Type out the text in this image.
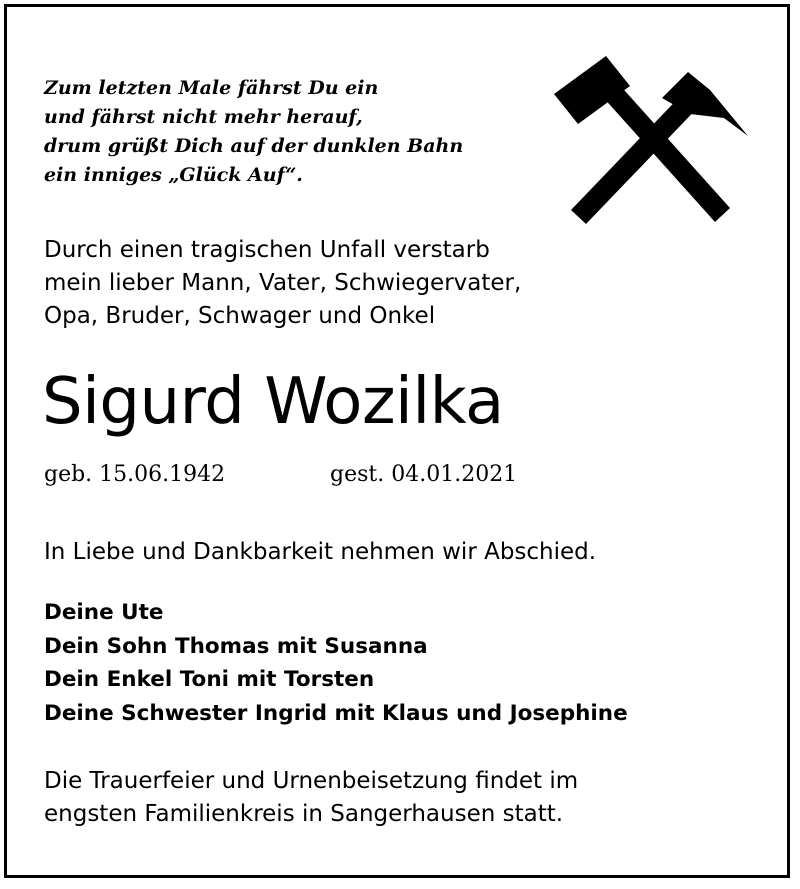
Zum letzten Male fährst Du ein
und fährst nicht mehr herauf,
drum grüßt Dich auf der dunklen Bahn
ein inniges „Glück Auf“.
Durch einen tragischen Unfall verstarb
mein lieber Mann, Vater, Schwiegervater,
Opa, Bruder, Schwager und Onkel
Sigurd Wozilka
geb. 15.06.1942	gest. 04.01.2021
In Liebe und Dankbarkeit nehmen wir Abschied.
Deine Ute
Dein Sohn Thomas mit Susanna
Dein Enkel Toni mit Torsten
Deine Schwester Ingrid mit Klaus und Josephine
Die Trauerfeier und Urnenbeisetzung findet im
engsten Familienkreis in Sangerhausen statt.
